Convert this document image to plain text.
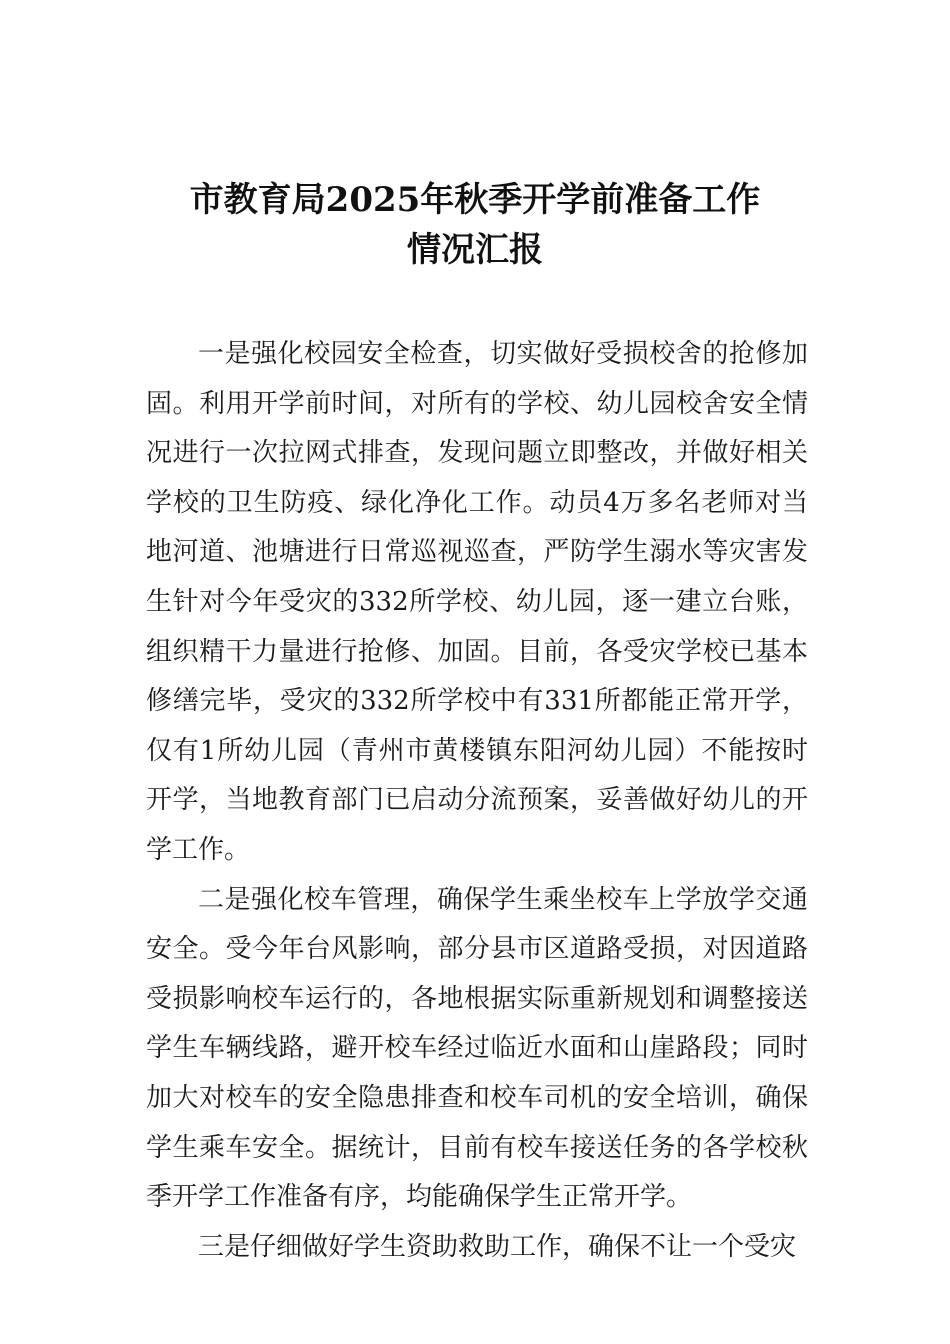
市教育局2025年秋季开学前准备工作
情况汇报

一是强化校园安全检查，切实做好受损校舍的抢修加固。利用开学前时间，对所有的学校、幼儿园校舍安全情况进行一次拉网式排查，发现问题立即整改，并做好相关学校的卫生防疫、绿化净化工作。动员4万多名老师对当地河道、池塘进行日常巡视巡查，严防学生溺水等灾害发生针对今年受灾的332所学校、幼儿园，逐一建立台账，组织精干力量进行抢修、加固。目前，各受灾学校已基本修缮完毕，受灾的332所学校中有331所都能正常开学，仅有1所幼儿园（青州市黄楼镇东阳河幼儿园）不能按时开学，当地教育部门已启动分流预案，妥善做好幼儿的开学工作。

二是强化校车管理，确保学生乘坐校车上学放学交通安全。受今年台风影响，部分县市区道路受损，对因道路受损影响校车运行的，各地根据实际重新规划和调整接送学生车辆线路，避开校车经过临近水面和山崖路段；同时加大对校车的安全隐患排查和校车司机的安全培训，确保学生乘车安全。据统计，目前有校车接送任务的各学校秋季开学工作准备有序，均能确保学生正常开学。

三是仔细做好学生资助救助工作，确保不让一个受灾
